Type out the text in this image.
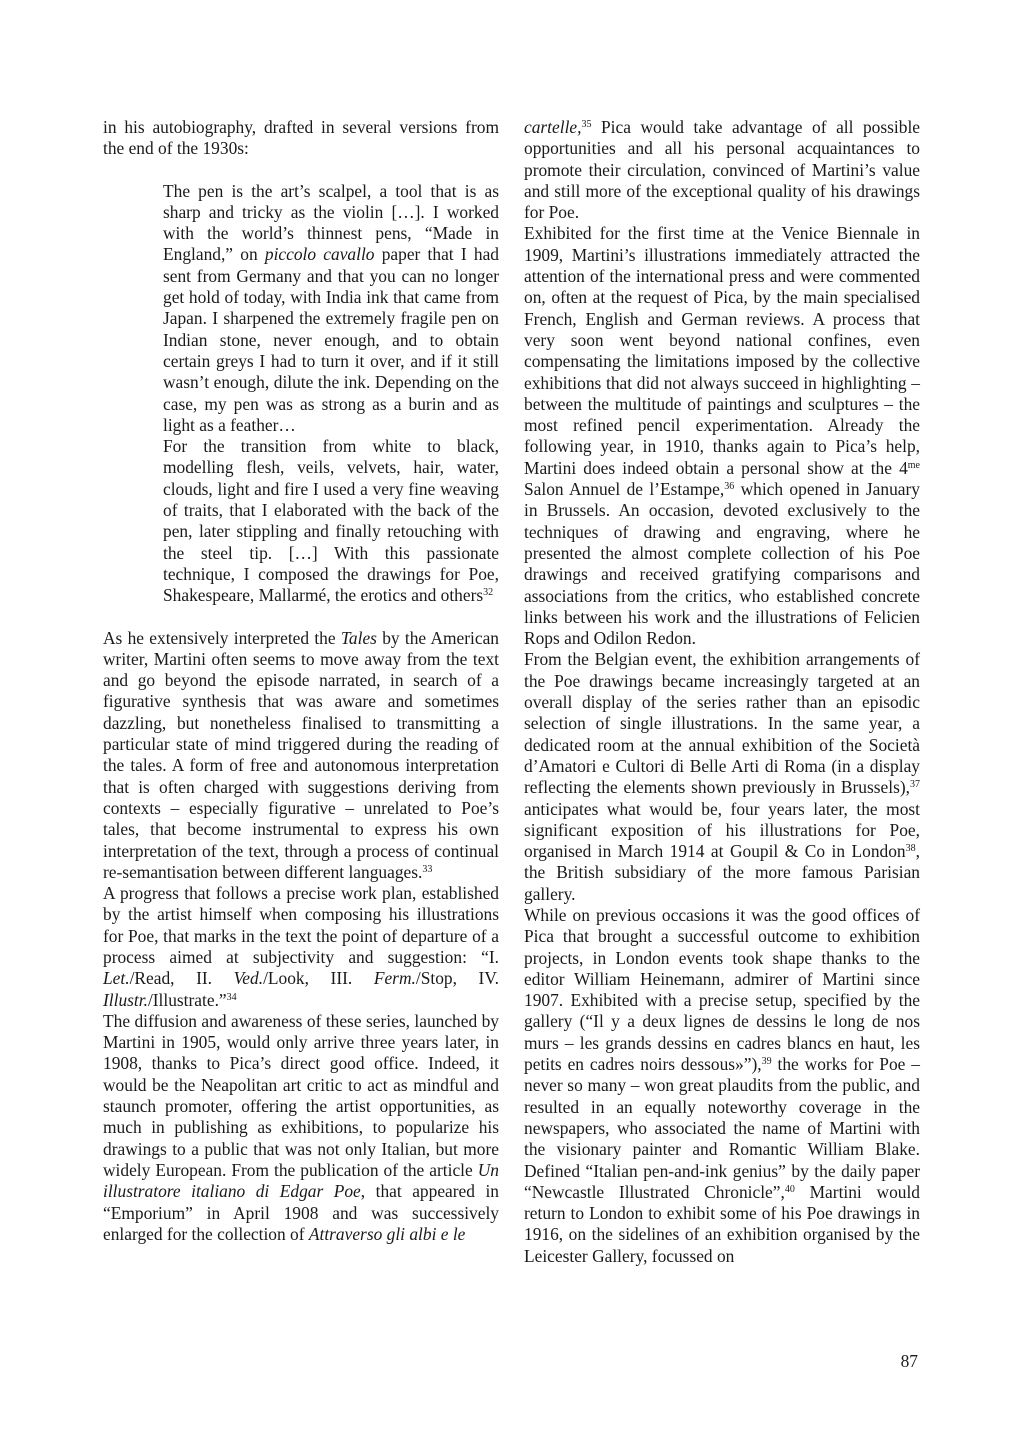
in his autobiography, drafted in several versions from the end of the 1930s:

The pen is the art’s scalpel, a tool that is as sharp and tricky as the violin […]. I worked with the world’s thinnest pens, “Made in England,” on piccolo cavallo paper that I had sent from Germany and that you can no longer get hold of today, with India ink that came from Japan. I sharpened the extremely fragile pen on Indian stone, never enough, and to obtain certain greys I had to turn it over, and if it still wasn’t enough, dilute the ink. Depending on the case, my pen was as strong as a burin and as light as a feather…

For the transition from white to black, modelling flesh, veils, velvets, hair, water, clouds, light and fire I used a very fine weaving of traits, that I elaborated with the back of the pen, later stippling and finally retouching with the steel tip. […] With this passionate technique, I composed the drawings for Poe, Shakespeare, Mallarmé, the erotics and others$^{32}$

As he extensively interpreted the Tales by the American writer, Martini often seems to move away from the text and go beyond the episode narrated, in search of a figurative synthesis that was aware and sometimes dazzling, but nonetheless finalised to transmitting a particular state of mind triggered during the reading of the tales. A form of free and autonomous interpretation that is often charged with suggestions deriving from contexts – especially figurative – unrelated to Poe’s tales, that become instrumental to express his own interpretation of the text, through a process of continual re-semantisation between different languages.$^{33}$

A progress that follows a precise work plan, established by the artist himself when composing his illustrations for Poe, that marks in the text the point of departure of a process aimed at subjectivity and suggestion: “I. Let./Read, II. Ved./Look, III. Ferm./Stop, IV. Illustr./Illustrate.”$^{34}$

The diffusion and awareness of these series, launched by Martini in 1905, would only arrive three years later, in 1908, thanks to Pica’s direct good office. Indeed, it would be the Neapolitan art critic to act as mindful and staunch promoter, offering the artist opportunities, as much in publishing as exhibitions, to popularize his drawings to a public that was not only Italian, but more widely European. From the publication of the article Un illustratore italiano di Edgar Poe, that appeared in “Emporium” in April 1908 and was successively enlarged for the collection of Attraverso gli albi e le

cartelle,$^{35}$ Pica would take advantage of all possible opportunities and all his personal acquaintances to promote their circulation, convinced of Martini’s value and still more of the exceptional quality of his drawings for Poe.

Exhibited for the first time at the Venice Biennale in 1909, Martini’s illustrations immediately attracted the attention of the international press and were commented on, often at the request of Pica, by the main specialised French, English and German reviews. A process that very soon went beyond national confines, even compensating the limitations imposed by the collective exhibitions that did not always succeed in highlighting – between the multitude of paintings and sculptures – the most refined pencil experimentation. Already the following year, in 1910, thanks again to Pica’s help, Martini does indeed obtain a personal show at the $4^{me}$ Salon Annuel de l’Estampe,$^{36}$ which opened in January in Brussels. An occasion, devoted exclusively to the techniques of drawing and engraving, where he presented the almost complete collection of his Poe drawings and received gratifying comparisons and associations from the critics, who established concrete links between his work and the illustrations of Felicien Rops and Odilon Redon.

From the Belgian event, the exhibition arrangements of the Poe drawings became increasingly targeted at an overall display of the series rather than an episodic selection of single illustrations. In the same year, a dedicated room at the annual exhibition of the Società d’Amatori e Cultori di Belle Arti di Roma (in a display reflecting the elements shown previously in Brussels),$^{37}$ anticipates what would be, four years later, the most significant exposition of his illustrations for Poe, organised in March 1914 at Goupil & Co in London$^{38}$, the British subsidiary of the more famous Parisian gallery.

While on previous occasions it was the good offices of Pica that brought a successful outcome to exhibition projects, in London events took shape thanks to the editor William Heinemann, admirer of Martini since 1907. Exhibited with a precise setup, specified by the gallery (“Il y a deux lignes de dessins le long de nos murs – les grands dessins en cadres blancs en haut, les petits en cadres noirs dessous»”),$^{39}$ the works for Poe – never so many – won great plaudits from the public, and resulted in an equally noteworthy coverage in the newspapers, who associated the name of Martini with the visionary painter and Romantic William Blake. Defined “Italian pen-and-ink genius” by the daily paper “Newcastle Illustrated Chronicle”,$^{40}$ Martini would return to London to exhibit some of his Poe drawings in 1916, on the sidelines of an exhibition organised by the Leicester Gallery, focussed on

87
